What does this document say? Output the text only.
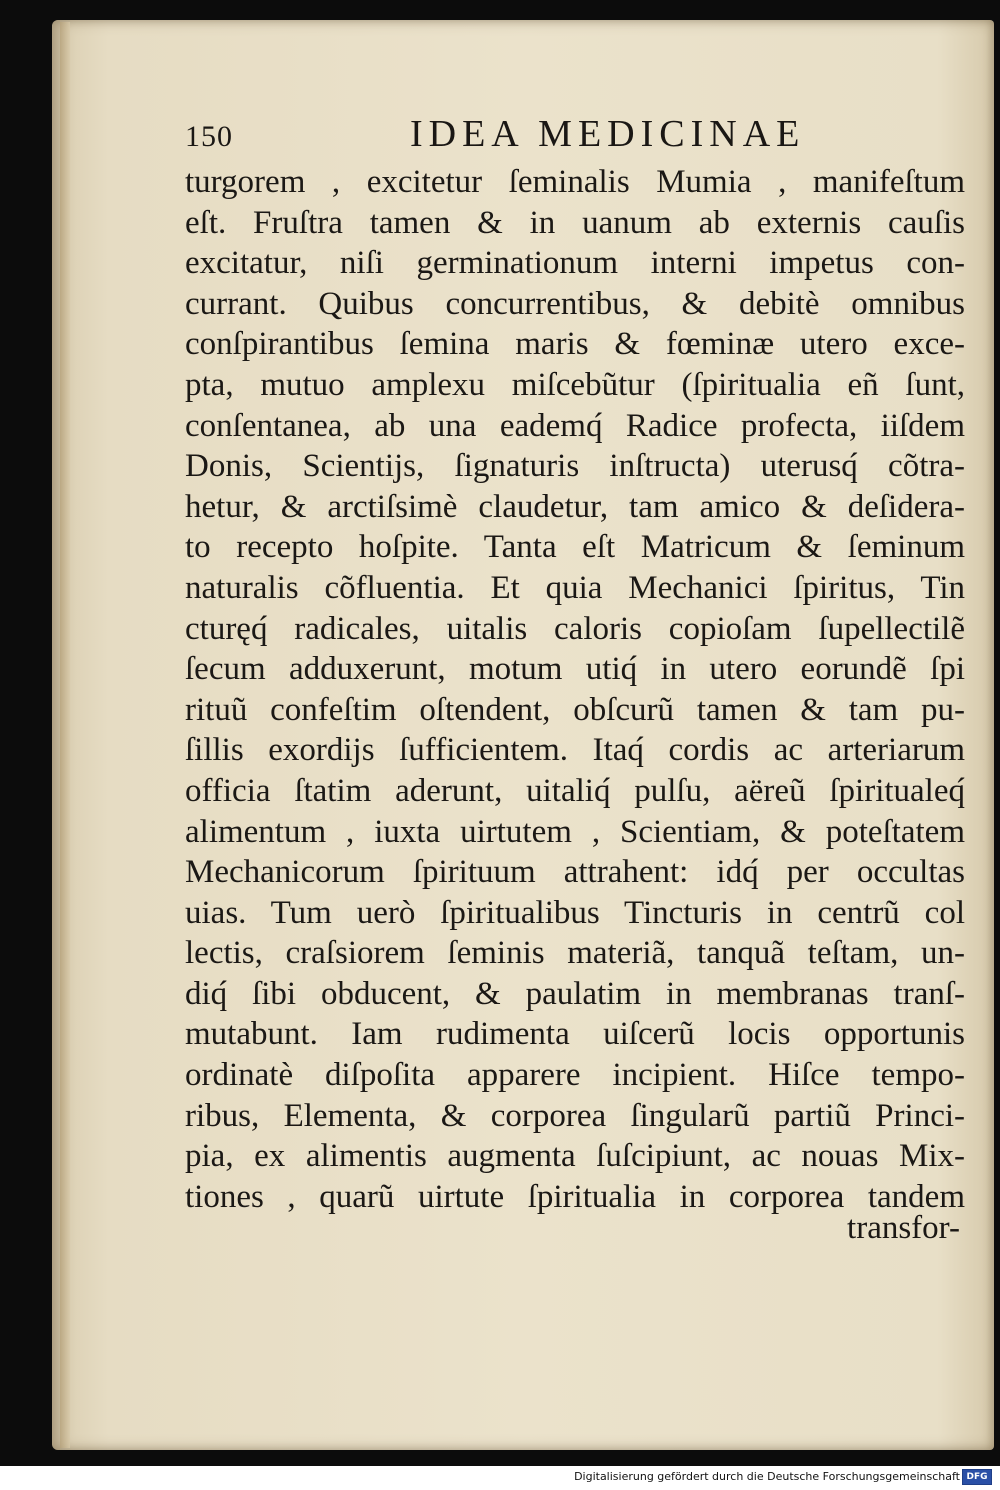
150	IDEA MEDICINAE
turgorem , excitetur ſeminalis Mumia , manifeſtum
eſt. Fruſtra tamen & in uanum ab externis cauſis
excitatur, niſi germinationum interni impetus con-
currant. Quibus concurrentibus, & debitè omnibus
conſpirantibus ſemina maris & fœminæ utero exce-
pta, mutuo amplexu miſcebũtur (ſpiritualia eñ ſunt,
conſentanea, ab una eademq́ Radice profecta, iiſdem
Donis, Scientijs, ſignaturis inſtructa) uterusq́ cõtra-
hetur, & arctiſsimè claudetur, tam amico & deſidera-
to recepto hoſpite. Tanta eſt Matricum & ſeminum
naturalis cõfluentia. Et quia Mechanici ſpiritus, Tin
cturęq́ radicales, uitalis caloris copioſam ſupellectilẽ
ſecum adduxerunt, motum utiq́ in utero eorundẽ ſpi
rituũ confeſtim oſtendent, obſcurũ tamen & tam pu-
ſillis exordijs ſufficientem. Itaq́ cordis ac arteriarum
officia ſtatim aderunt, uitaliq́ pulſu, aëreũ ſpiritualeq́
alimentum , iuxta uirtutem , Scientiam, & poteſtatem
Mechanicorum ſpirituum attrahent: idq́ per occultas
uias. Tum uerò ſpiritualibus Tincturis in centrũ col
lectis, craſsiorem ſeminis materiã, tanquã teſtam, un-
diq́ ſibi obducent, & paulatim in membranas tranſ-
mutabunt. Iam rudimenta uiſcerũ locis opportunis
ordinatè diſpoſita apparere incipient. Hiſce tempo-
ribus, Elementa, & corporea ſingularũ partiũ Princi-
pia, ex alimentis augmenta ſuſcipiunt, ac nouas Mix-
tiones , quarũ uirtute ſpiritualia in corporea tandem
transfor-
Digitalisierung gefördert durch die Deutsche Forschungsgemeinschaft DFG
